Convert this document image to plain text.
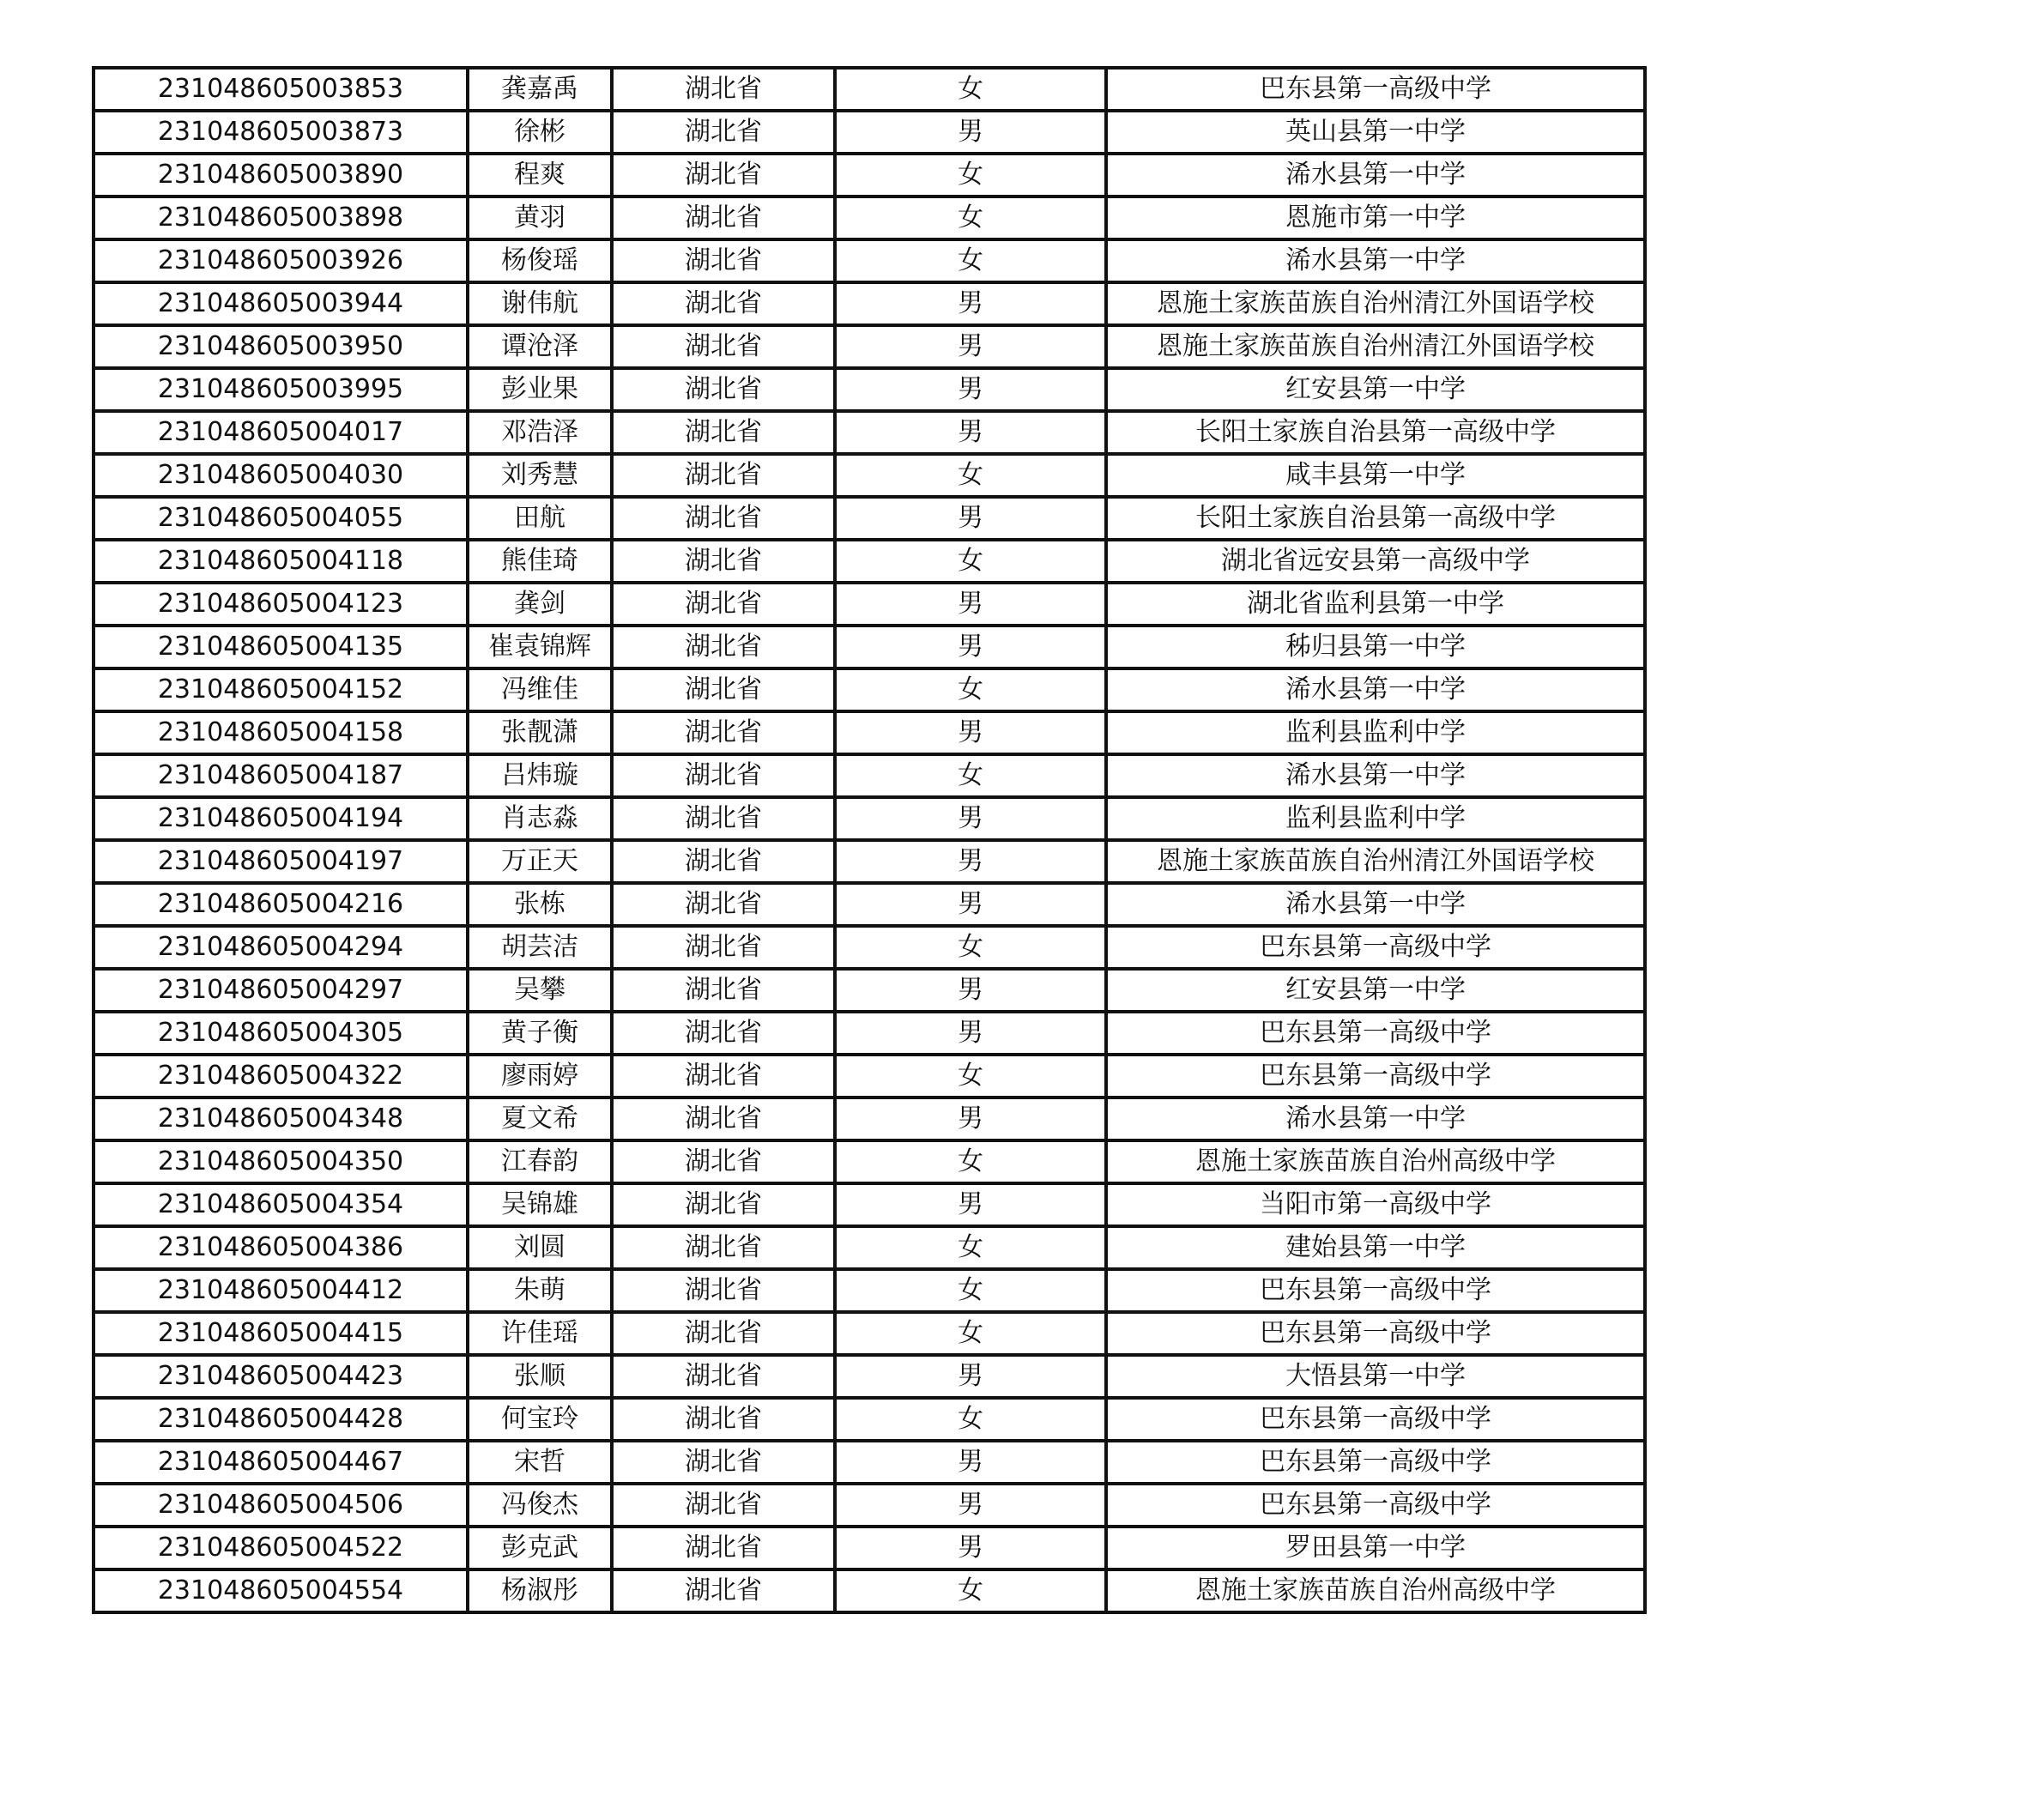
231048605003853	龚嘉禹	湖北省	女	巴东县第一高级中学
231048605003873	徐彬	湖北省	男	英山县第一中学
231048605003890	程爽	湖北省	女	浠水县第一中学
231048605003898	黄羽	湖北省	女	恩施市第一中学
231048605003926	杨俊瑶	湖北省	女	浠水县第一中学
231048605003944	谢伟航	湖北省	男	恩施土家族苗族自治州清江外国语学校
231048605003950	谭沧泽	湖北省	男	恩施土家族苗族自治州清江外国语学校
231048605003995	彭业果	湖北省	男	红安县第一中学
231048605004017	邓浩泽	湖北省	男	长阳土家族自治县第一高级中学
231048605004030	刘秀慧	湖北省	女	咸丰县第一中学
231048605004055	田航	湖北省	男	长阳土家族自治县第一高级中学
231048605004118	熊佳琦	湖北省	女	湖北省远安县第一高级中学
231048605004123	龚剑	湖北省	男	湖北省监利县第一中学
231048605004135	崔袁锦辉	湖北省	男	秭归县第一中学
231048605004152	冯维佳	湖北省	女	浠水县第一中学
231048605004158	张靓潇	湖北省	男	监利县监利中学
231048605004187	吕炜璇	湖北省	女	浠水县第一中学
231048605004194	肖志淼	湖北省	男	监利县监利中学
231048605004197	万正天	湖北省	男	恩施土家族苗族自治州清江外国语学校
231048605004216	张栋	湖北省	男	浠水县第一中学
231048605004294	胡芸洁	湖北省	女	巴东县第一高级中学
231048605004297	吴攀	湖北省	男	红安县第一中学
231048605004305	黄子衡	湖北省	男	巴东县第一高级中学
231048605004322	廖雨婷	湖北省	女	巴东县第一高级中学
231048605004348	夏文希	湖北省	男	浠水县第一中学
231048605004350	江春韵	湖北省	女	恩施土家族苗族自治州高级中学
231048605004354	吴锦雄	湖北省	男	当阳市第一高级中学
231048605004386	刘圆	湖北省	女	建始县第一中学
231048605004412	朱萌	湖北省	女	巴东县第一高级中学
231048605004415	许佳瑶	湖北省	女	巴东县第一高级中学
231048605004423	张顺	湖北省	男	大悟县第一中学
231048605004428	何宝玲	湖北省	女	巴东县第一高级中学
231048605004467	宋哲	湖北省	男	巴东县第一高级中学
231048605004506	冯俊杰	湖北省	男	巴东县第一高级中学
231048605004522	彭克武	湖北省	男	罗田县第一中学
231048605004554	杨淑彤	湖北省	女	恩施土家族苗族自治州高级中学
